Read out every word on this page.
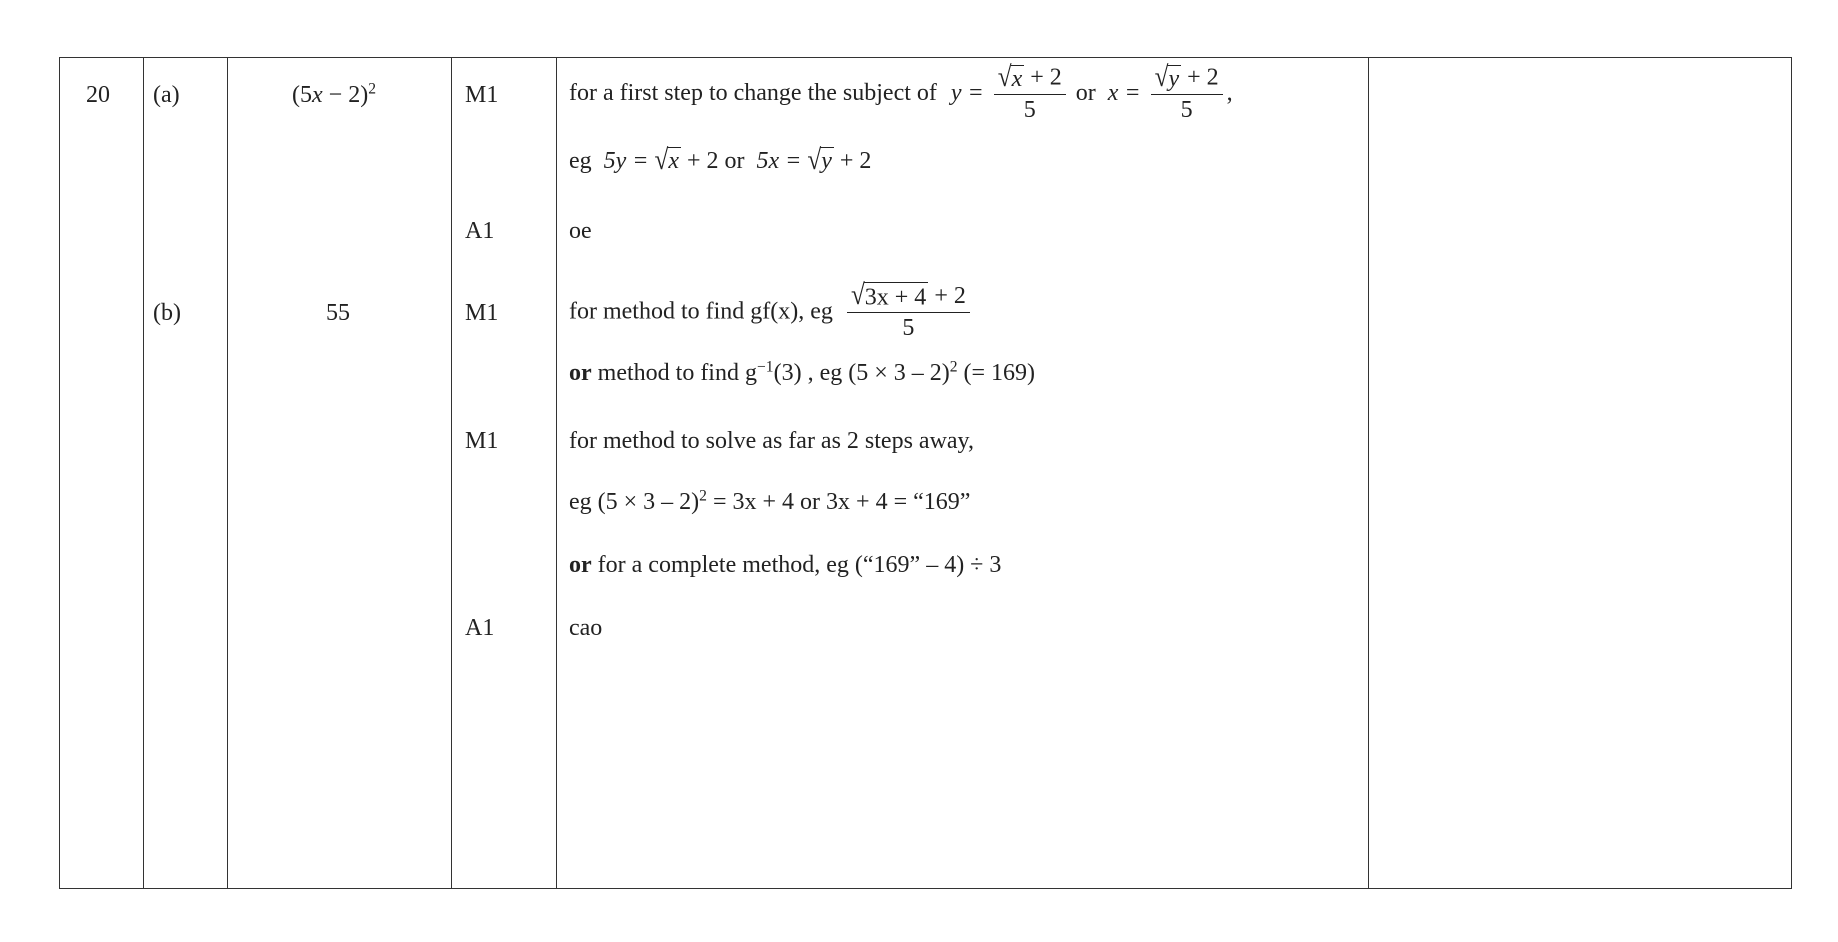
20 (a)	$(5x - 2)^2$	M1	for a first step to change the subject of $y = \frac{√x + 2}{5}$ or $x = \frac{√y + 2}{5}$ ,
eg 5y = √x + 2 or 5x = √y + 2
A1	oe
(b)	55	M1	for method to find gf(x), eg $\frac{√3x + 4 + 2}{5}$
or method to find $g^{-1}(3)$ , eg $(5 \times 3 - 2)^2$ (= 169)
M1	for method to solve as far as 2 steps away,
eg $(5 \times 3 - 2)^2 = 3x + 4$ or 3x + 4 = “169”
or for a complete method, eg (“169” – 4) ÷ 3
A1	cao
